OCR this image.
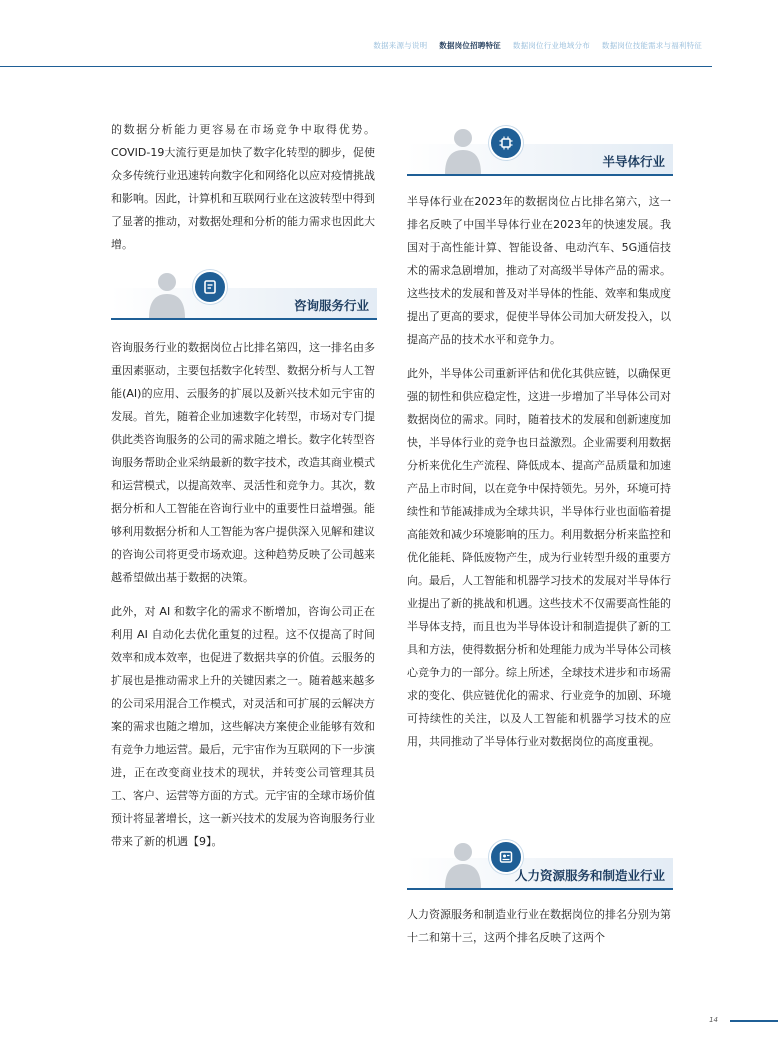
数据来源与说明	数据岗位招聘特征	数据岗位行业地域分布	数据岗位技能需求与福利特征

的数据分析能力更容易在市场竞争中取得优势。COVID-19大流行更是加快了数字化转型的脚步，促使众多传统行业迅速转向数字化和网络化以应对疫情挑战和影响。因此，计算机和互联网行业在这波转型中得到了显著的推动，对数据处理和分析的能力需求也因此大增。

咨询服务行业

咨询服务行业的数据岗位占比排名第四，这一排名由多重因素驱动，主要包括数字化转型、数据分析与人工智能(AI)的应用、云服务的扩展以及新兴技术如元宇宙的发展。首先，随着企业加速数字化转型，市场对专门提供此类咨询服务的公司的需求随之增长。数字化转型咨询服务帮助企业采纳最新的数字技术，改造其商业模式和运营模式，以提高效率、灵活性和竞争力。其次，数据分析和人工智能在咨询行业中的重要性日益增强。能够利用数据分析和人工智能为客户提供深入见解和建议的咨询公司将更受市场欢迎。这种趋势反映了公司越来越希望做出基于数据的决策。

此外，对 AI 和数字化的需求不断增加，咨询公司正在利用 AI 自动化去优化重复的过程。这不仅提高了时间效率和成本效率，也促进了数据共享的价值。云服务的扩展也是推动需求上升的关键因素之一。随着越来越多的公司采用混合工作模式，对灵活和可扩展的云解决方案的需求也随之增加，这些解决方案使企业能够有效和有竞争力地运营。最后，元宇宙作为互联网的下一步演进，正在改变商业技术的现状，并转变公司管理其员工、客户、运营等方面的方式。元宇宙的全球市场价值预计将显著增长，这一新兴技术的发展为咨询服务行业带来了新的机遇【9】。

半导体行业

半导体行业在2023年的数据岗位占比排名第六，这一排名反映了中国半导体行业在2023年的快速发展。我国对于高性能计算、智能设备、电动汽车、5G通信技术的需求急剧增加，推动了对高级半导体产品的需求。这些技术的发展和普及对半导体的性能、效率和集成度提出了更高的要求，促使半导体公司加大研发投入，以提高产品的技术水平和竞争力。

此外，半导体公司重新评估和优化其供应链，以确保更强的韧性和供应稳定性，这进一步增加了半导体公司对数据岗位的需求。同时，随着技术的发展和创新速度加快，半导体行业的竞争也日益激烈。企业需要利用数据分析来优化生产流程、降低成本、提高产品质量和加速产品上市时间，以在竞争中保持领先。另外，环境可持续性和节能减排成为全球共识，半导体行业也面临着提高能效和减少环境影响的压力。利用数据分析来监控和优化能耗、降低废物产生，成为行业转型升级的重要方向。最后，人工智能和机器学习技术的发展对半导体行业提出了新的挑战和机遇。这些技术不仅需要高性能的半导体支持，而且也为半导体设计和制造提供了新的工具和方法，使得数据分析和处理能力成为半导体公司核心竞争力的一部分。综上所述，全球技术进步和市场需求的变化、供应链优化的需求、行业竞争的加剧、环境可持续性的关注，以及人工智能和机器学习技术的应用，共同推动了半导体行业对数据岗位的高度重视。

人力资源服务和制造业行业

人力资源服务和制造业行业在数据岗位的排名分别为第十二和第十三，这两个排名反映了这两个

14
